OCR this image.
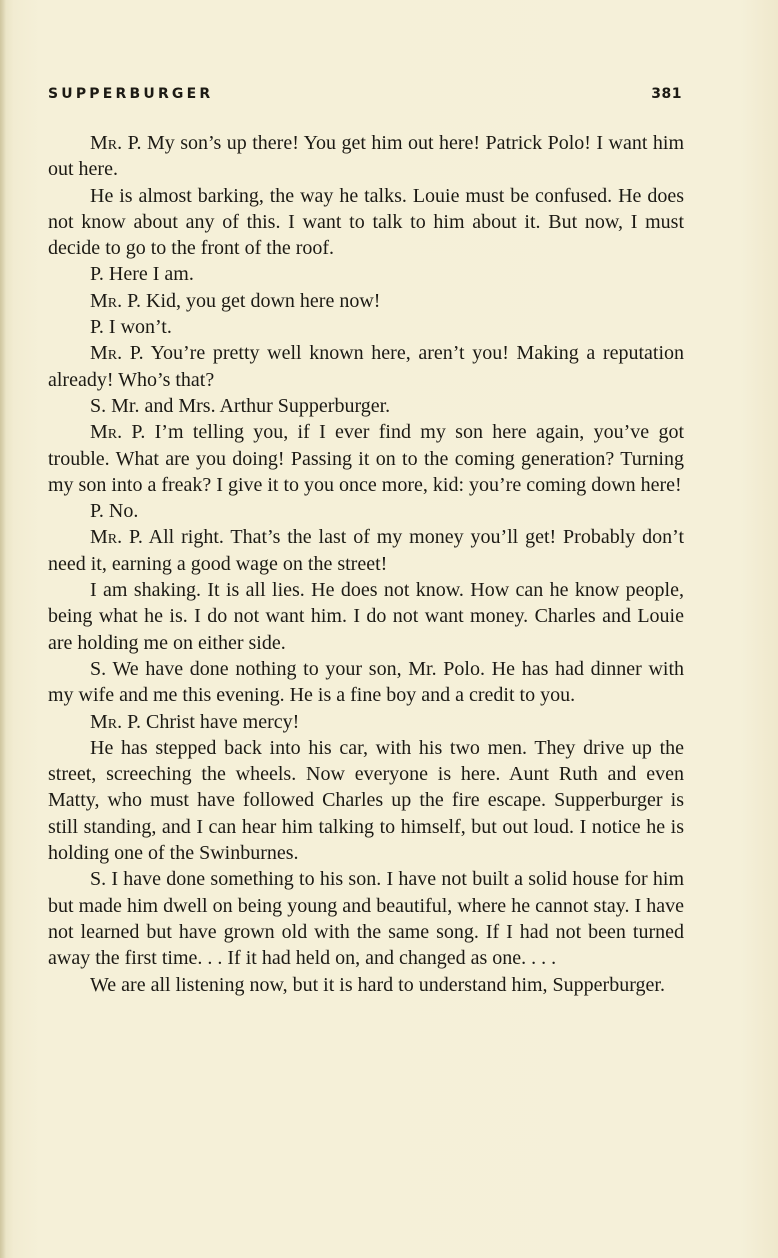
SUPPERBURGER	381

Mr. P. My son’s up there! You get him out here! Patrick Polo! I want him out here.

He is almost barking, the way he talks. Louie must be confused. He does not know about any of this. I want to talk to him about it. But now, I must decide to go to the front of the roof.

P. Here I am.

Mr. P. Kid, you get down here now!

P. I won’t.

Mr. P. You’re pretty well known here, aren’t you! Making a reputation already! Who’s that?

S. Mr. and Mrs. Arthur Supperburger.

Mr. P. I’m telling you, if I ever find my son here again, you’ve got trouble. What are you doing! Passing it on to the coming generation? Turning my son into a freak? I give it to you once more, kid: you’re coming down here!

P. No.

Mr. P. All right. That’s the last of my money you’ll get! Probably don’t need it, earning a good wage on the street!

I am shaking. It is all lies. He does not know. How can he know people, being what he is. I do not want him. I do not want money. Charles and Louie are holding me on either side.

S. We have done nothing to your son, Mr. Polo. He has had dinner with my wife and me this evening. He is a fine boy and a credit to you.

Mr. P. Christ have mercy!

He has stepped back into his car, with his two men. They drive up the street, screeching the wheels. Now everyone is here. Aunt Ruth and even Matty, who must have followed Charles up the fire escape. Supperburger is still standing, and I can hear him talking to himself, but out loud. I notice he is holding one of the Swinburnes.

S. I have done something to his son. I have not built a solid house for him but made him dwell on being young and beautiful, where he cannot stay. I have not learned but have grown old with the same song. If I had not been turned away the first time. . . If it had held on, and changed as one. . . .

We are all listening now, but it is hard to understand him, Supperburger.
